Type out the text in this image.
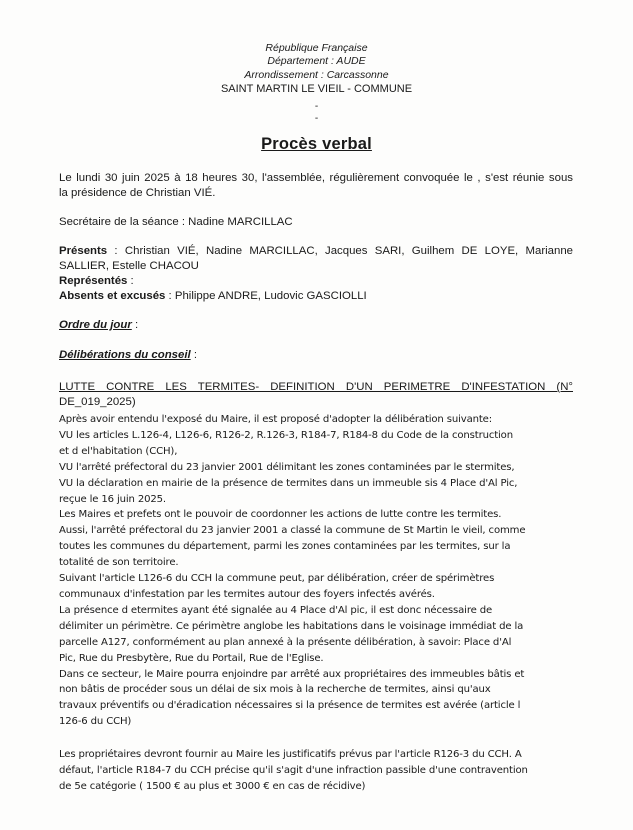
République Française
Département : AUDE
Arrondissement : Carcassonne
SAINT MARTIN LE VIEIL - COMMUNE
-
-
Procès verbal
Le lundi 30 juin 2025 à 18 heures 30, l'assemblée, régulièrement convoquée le , s'est réunie sous
la présidence de Christian VIÉ.
Secrétaire de la séance : Nadine MARCILLAC
Présents : Christian VIÉ, Nadine MARCILLAC, Jacques SARI, Guilhem DE LOYE, Marianne
SALLIER, Estelle CHACOU
Représentés :
Absents et excusés : Philippe ANDRE, Ludovic GASCIOLLI
Ordre du jour :
Délibérations du conseil :
LUTTE CONTRE LES TERMITES- DEFINITION D'UN PERIMETRE D'INFESTATION (N°
DE_019_2025)
Après avoir entendu l'exposé du Maire, il est proposé d'adopter la délibération suivante:
VU les articles L.126-4, L126-6, R126-2, R.126-3, R184-7, R184-8 du Code de la construction
et d el'habitation (CCH),
VU l'arrêté préfectoral du 23 janvier 2001 délimitant les zones contaminées par le stermites,
VU la déclaration en mairie de la présence de termites dans un immeuble sis 4 Place d'Al Pic,
reçue le 16 juin 2025.
Les Maires et prefets ont le pouvoir de coordonner les actions de lutte contre les termites.
Aussi, l'arrêté préfectoral du 23 janvier 2001 a classé la commune de St Martin le vieil, comme
toutes les communes du département, parmi les zones contaminées par les termites, sur la
totalité de son territoire.
Suivant l'article L126-6 du CCH la commune peut, par délibération, créer de spérimètres
communaux d'infestation par les termites autour des foyers infectés avérés.
La présence d etermites ayant été signalée au 4 Place d'Al pic, il est donc nécessaire de
délimiter un périmètre. Ce périmètre anglobe les habitations dans le voisinage immédiat de la
parcelle A127, conformément au plan annexé à la présente délibération, à savoir: Place d'Al
Pic, Rue du Presbytère, Rue du Portail, Rue de l'Eglise.
Dans ce secteur, le Maire pourra enjoindre par arrêté aux propriétaires des immeubles bâtis et
non bâtis de procéder sous un délai de six mois à la recherche de termites, ainsi qu'aux
travaux préventifs ou d'éradication nécessaires si la présence de termites est avérée (article l
126-6 du CCH)
Les propriétaires devront fournir au Maire les justificatifs prévus par l'article R126-3 du CCH. A
défaut, l'article R184-7 du CCH précise qu'il s'agit d'une infraction passible d'une contravention
de 5e catégorie ( 1500 € au plus et 3000 € en cas de récidive)
